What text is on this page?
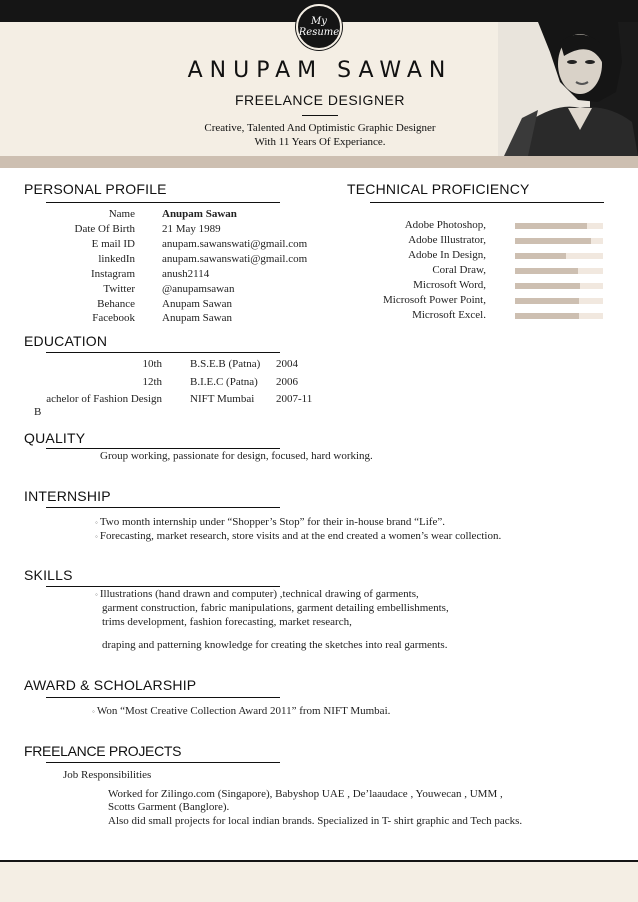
My
Resume
ANUPAM SAWAN
FREELANCE DESIGNER
Creative, Talented And Optimistic Graphic Designer
With 11 Years Of Experiance.
PERSONAL PROFILE
Name Anupam Sawan
Date Of Birth 21 May 1989
E mail ID anupam.sawanswati@gmail.com
linkedIn anupam.sawanswati@gmail.com
Instagram anush2114
Twitter @anupamsawan
Behance Anupam Sawan
Facebook Anupam Sawan
TECHNICAL PROFICIENCY
Adobe Photoshop,
Adobe Illustrator,
Adobe In Design,
Coral Draw,
Microsoft Word,
Microsoft Power Point,
Microsoft Excel.
EDUCATION
10th	B.S.E.B (Patna) 2004
12th	B.I.E.C (Patna) 2006
achelor of Fashion Design	NIFT Mumbai 2007-11
B
QUALITY
Group working, passionate for design, focused, hard working.
INTERNSHIP
◦ Two month internship under “Shopper’s Stop” for their in-house brand “Life”.
◦ Forecasting, market research, store visits and at the end created a women’s wear collection.
SKILLS
◦ Illustrations (hand drawn and computer) ,technical drawing of garments,
garment construction, fabric manipulations, garment detailing embellishments,
trims development, fashion forecasting, market research,
draping and patterning knowledge for creating the sketches into real garments.
AWARD & SCHOLARSHIP
◦ Won “Most Creative Collection Award 2011” from NIFT Mumbai.
FREELANCE PROJECTS
Job Responsibilities
Worked for Zilingo.com (Singapore), Babyshop UAE , De’laaudace , Youwecan , UMM ,
Scotts Garment (Banglore).
Also did small projects for local indian brands. Specialized in T- shirt graphic and Tech packs.
